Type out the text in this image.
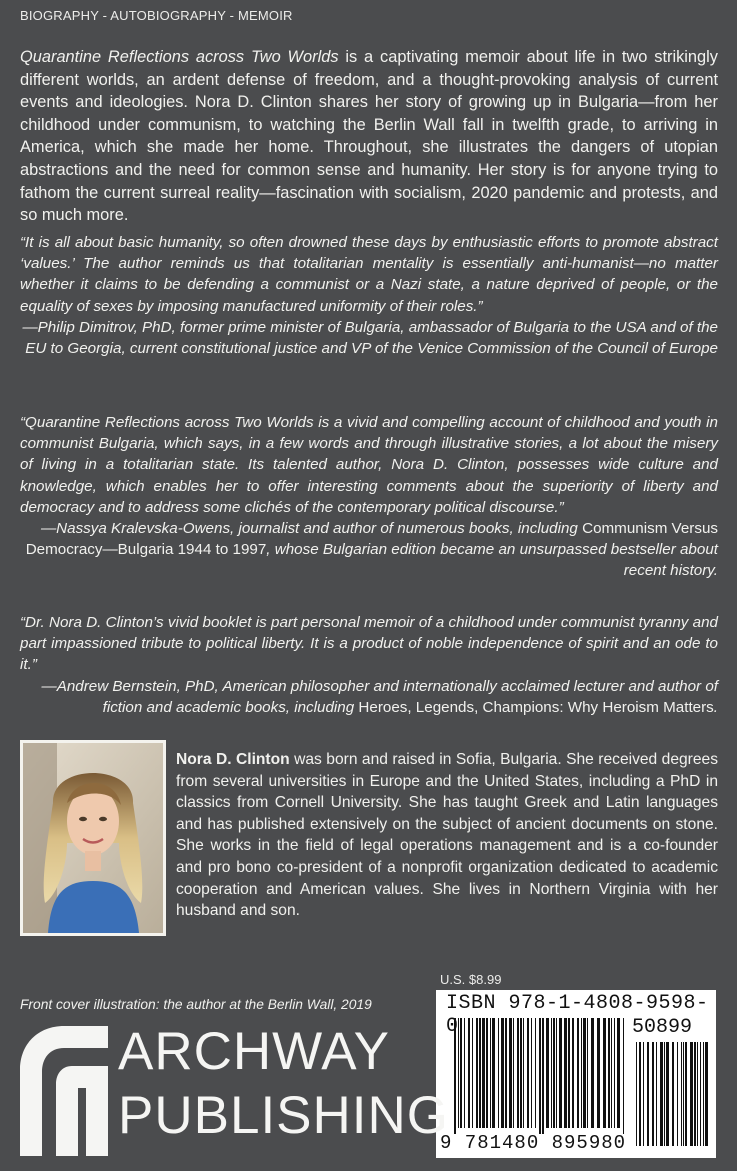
BIOGRAPHY - AUTOBIOGRAPHY - MEMOIR

Quarantine Reflections across Two Worlds is a captivating memoir about life in two strikingly different worlds, an ardent defense of freedom, and a thought-provoking analysis of current events and ideologies. Nora D. Clinton shares her story of growing up in Bulgaria—from her childhood under communism, to watching the Berlin Wall fall in twelfth grade, to arriving in America, which she made her home. Throughout, she illustrates the dangers of utopian abstractions and the need for common sense and humanity. Her story is for anyone trying to fathom the current surreal reality—fascination with socialism, 2020 pandemic and protests, and so much more.

“It is all about basic humanity, so often drowned these days by enthusiastic efforts to promote abstract ‘values.’ The author reminds us that totalitarian mentality is essentially anti-humanist—no matter whether it claims to be defending a communist or a Nazi state, a nature deprived of people, or the equality of sexes by imposing manufactured uniformity of their roles.”

—Philip Dimitrov, PhD, former prime minister of Bulgaria, ambassador of Bulgaria to the USA and of the EU to Georgia, current constitutional justice and VP of the Venice Commission of the Council of Europe

“Quarantine Reflections across Two Worlds is a vivid and compelling account of childhood and youth in communist Bulgaria, which says, in a few words and through illustrative stories, a lot about the misery of living in a totalitarian state. Its talented author, Nora D. Clinton, possesses wide culture and knowledge, which enables her to offer interesting comments about the superiority of liberty and democracy and to address some clichés of the contemporary political discourse.”

—Nassya Kralevska-Owens, journalist and author of numerous books, including Communism Versus Democracy—Bulgaria 1944 to 1997, whose Bulgarian edition became an unsurpassed bestseller about recent history.

“Dr. Nora D. Clinton’s vivid booklet is part personal memoir of a childhood under communist tyranny and part impassioned tribute to political liberty. It is a product of noble independence of spirit and an ode to it.”

—Andrew Bernstein, PhD, American philosopher and internationally acclaimed lecturer and author of fiction and academic books, including Heroes, Legends, Champions: Why Heroism Matters.

Nora D. Clinton was born and raised in Sofia, Bulgaria. She received degrees from several universities in Europe and the United States, including a PhD in classics from Cornell University. She has taught Greek and Latin languages and has published extensively on the subject of ancient documents on stone. She works in the field of legal operations management and is a co-founder and pro bono co-president of a nonprofit organization dedicated to academic cooperation and American values. She lives in Northern Virginia with her husband and son.

U.S. $8.99
ISBN 978-1-4808-9598-0	50899
9 781480 895980
Front cover illustration: the author at the Berlin Wall, 2019
ARCHWAY
PUBLISHING
